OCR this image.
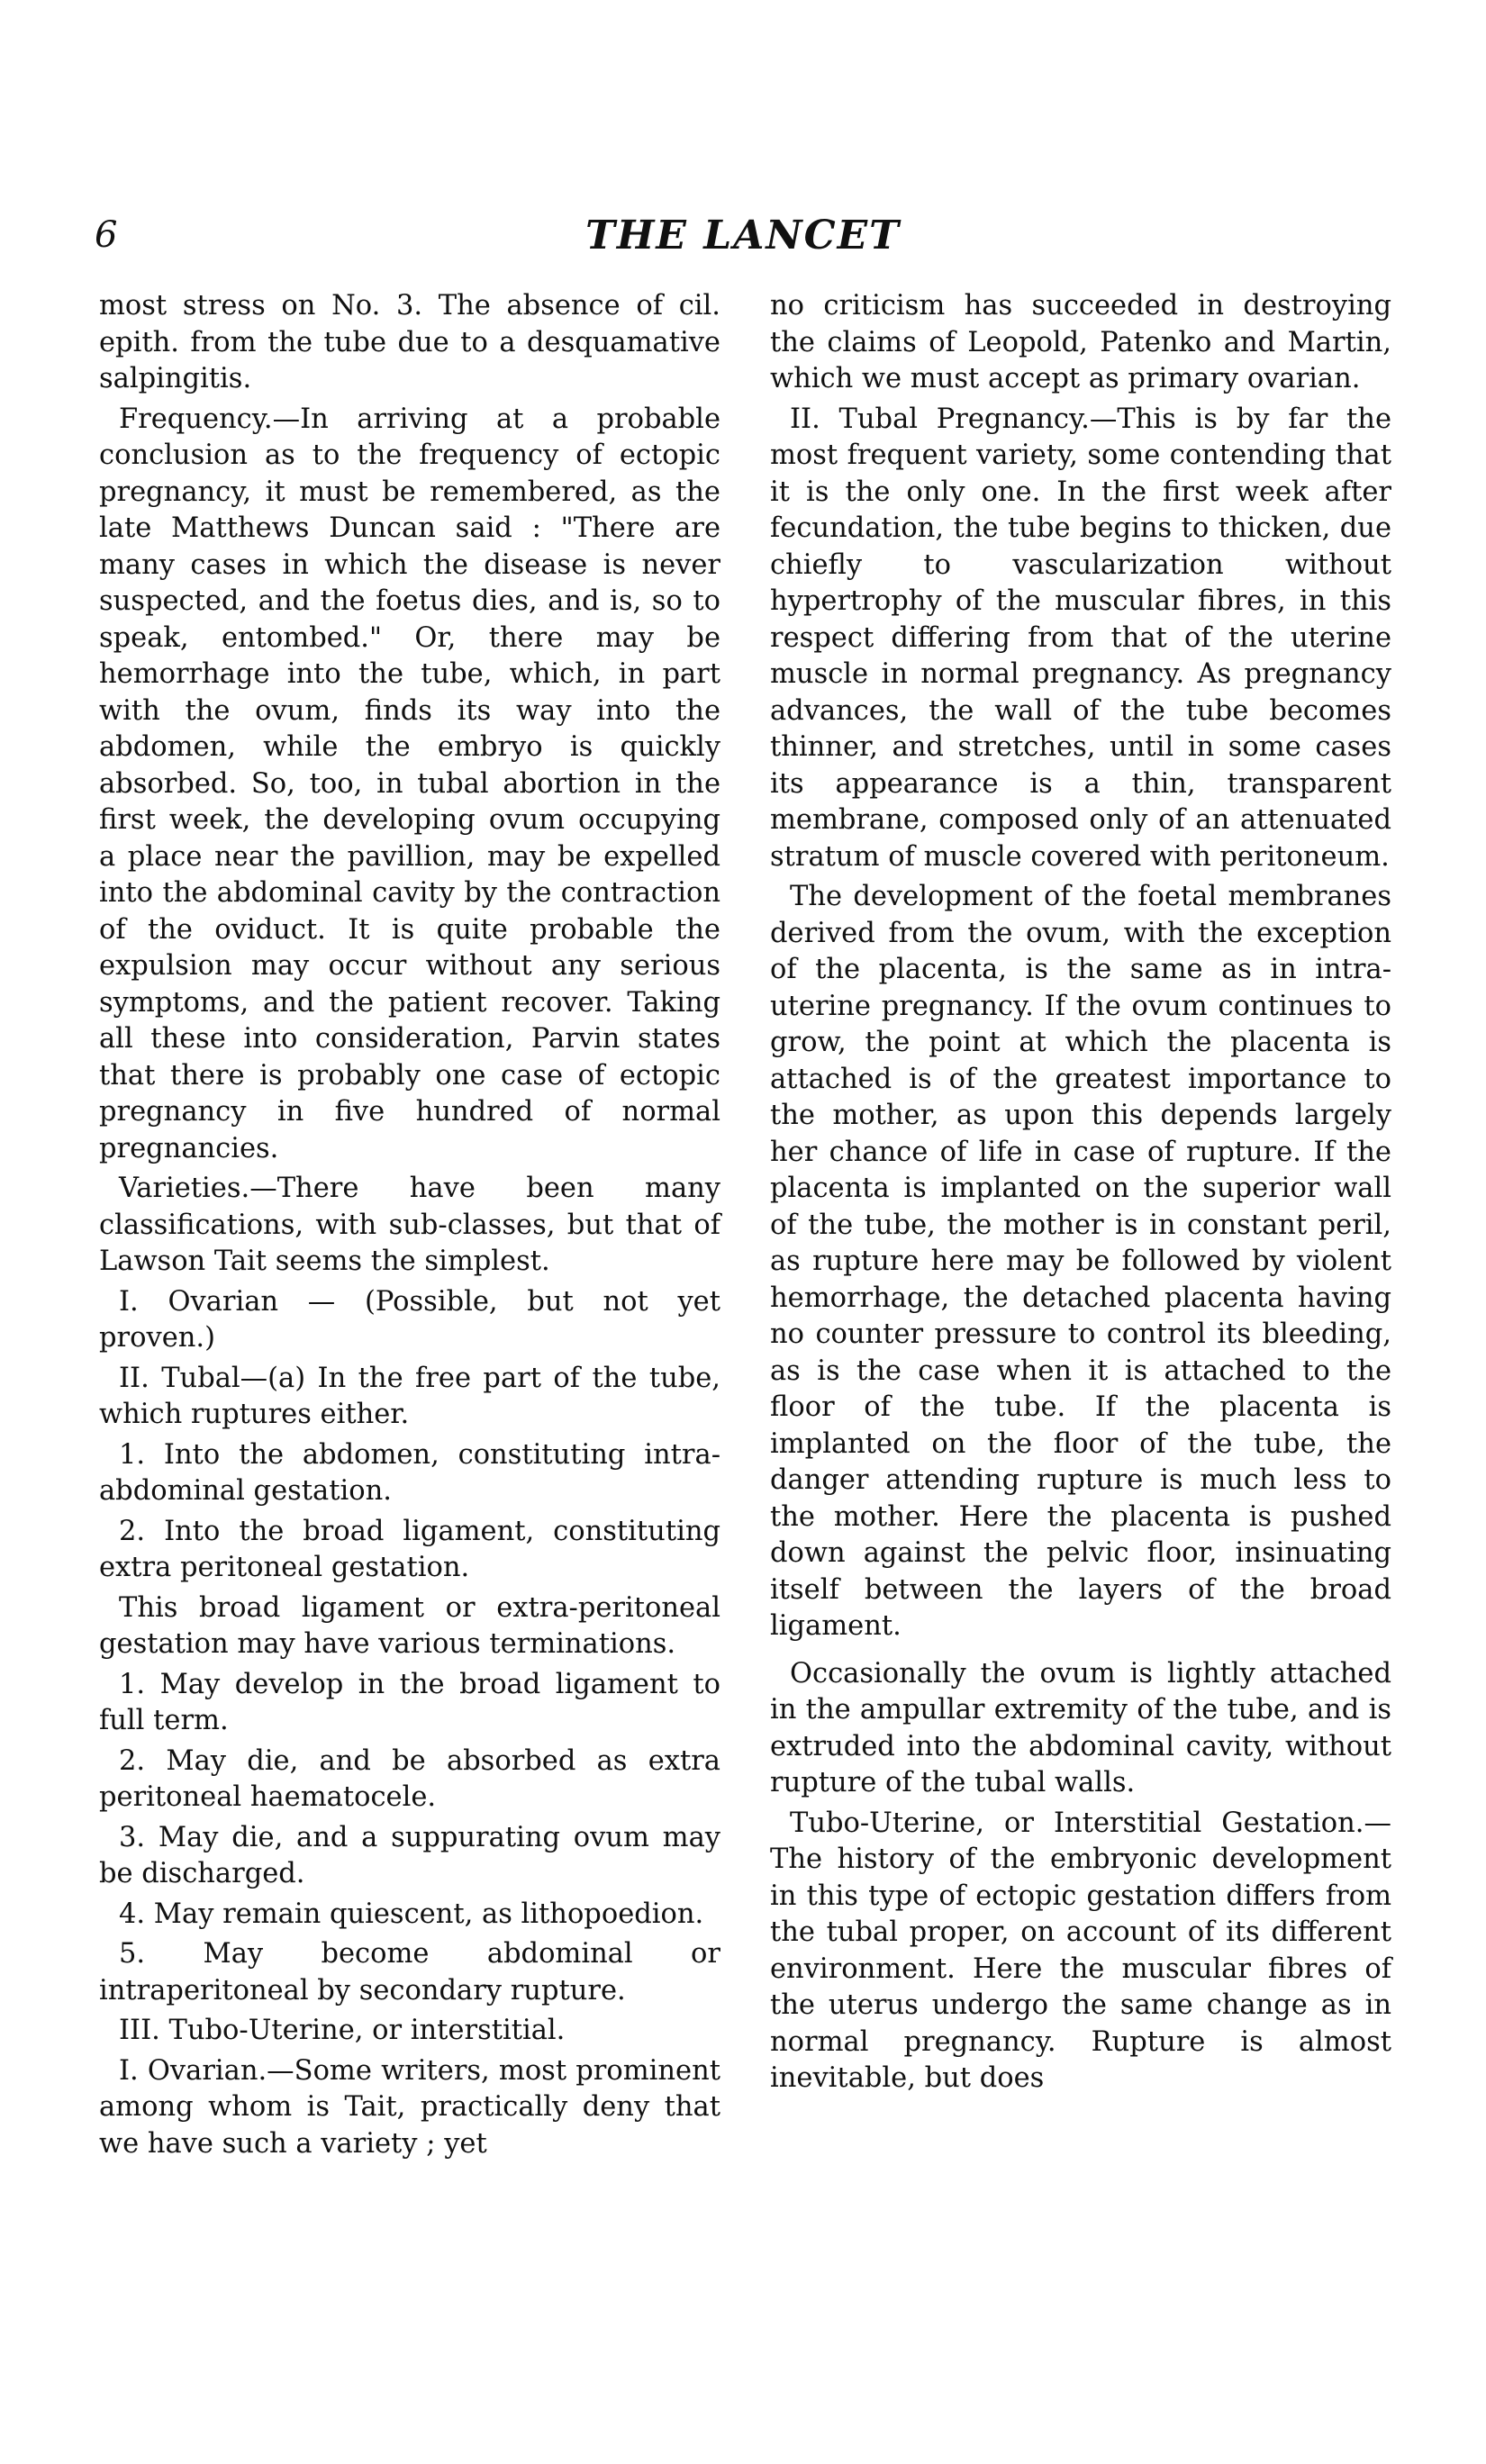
6	THE LANCET

most stress on No. 3. The absence of cil. epith. from the tube due to a desquamative salpingitis.

Frequency.—In arriving at a probable conclusion as to the frequency of ectopic pregnancy, it must be remembered, as the late Matthews Duncan said : "There are many cases in which the disease is never suspected, and the foetus dies, and is, so to speak, entombed." Or, there may be hemorrhage into the tube, which, in part with the ovum, finds its way into the abdomen, while the embryo is quickly absorbed. So, too, in tubal abortion in the first week, the developing ovum occupying a place near the pavillion, may be expelled into the abdominal cavity by the contraction of the oviduct. It is quite probable the expulsion may occur without any serious symptoms, and the patient recover. Taking all these into consideration, Parvin states that there is probably one case of ectopic pregnancy in five hundred of normal pregnancies.

Varieties.—There have been many classifications, with sub-classes, but that of Lawson Tait seems the simplest.

I. Ovarian — (Possible, but not yet proven.)

II. Tubal—(a) In the free part of the tube, which ruptures either.

1. Into the abdomen, constituting intra-abdominal gestation.

2. Into the broad ligament, constituting extra peritoneal gestation.

This broad ligament or extra-peritoneal gestation may have various terminations.

1. May develop in the broad ligament to full term.

2. May die, and be absorbed as extra peritoneal haematocele.

3. May die, and a suppurating ovum may be discharged.

4. May remain quiescent, as lithopoedion.

5. May become abdominal or intraperitoneal by secondary rupture.

III. Tubo-Uterine, or interstitial.

I. Ovarian.—Some writers, most prominent among whom is Tait, practically deny that we have such a variety ; yet

no criticism has succeeded in destroying the claims of Leopold, Patenko and Martin, which we must accept as primary ovarian.

II. Tubal Pregnancy.—This is by far the most frequent variety, some contending that it is the only one. In the first week after fecundation, the tube begins to thicken, due chiefly to vascularization without hypertrophy of the muscular fibres, in this respect differing from that of the uterine muscle in normal pregnancy. As pregnancy advances, the wall of the tube becomes thinner, and stretches, until in some cases its appearance is a thin, transparent membrane, composed only of an attenuated stratum of muscle covered with peritoneum.

The development of the foetal membranes derived from the ovum, with the exception of the placenta, is the same as in intra-uterine pregnancy. If the ovum continues to grow, the point at which the placenta is attached is of the greatest importance to the mother, as upon this depends largely her chance of life in case of rupture. If the placenta is implanted on the superior wall of the tube, the mother is in constant peril, as rupture here may be followed by violent hemorrhage, the detached placenta having no counter pressure to control its bleeding, as is the case when it is attached to the floor of the tube. If the placenta is implanted on the floor of the tube, the danger attending rupture is much less to the mother. Here the placenta is pushed down against the pelvic floor, insinuating itself between the layers of the broad ligament.

Occasionally the ovum is lightly attached in the ampullar extremity of the tube, and is extruded into the abdominal cavity, without rupture of the tubal walls.

Tubo-Uterine, or Interstitial Gestation.—The history of the embryonic development in this type of ectopic gestation differs from the tubal proper, on account of its different environment. Here the muscular fibres of the uterus undergo the same change as in normal pregnancy. Rupture is almost inevitable, but does
